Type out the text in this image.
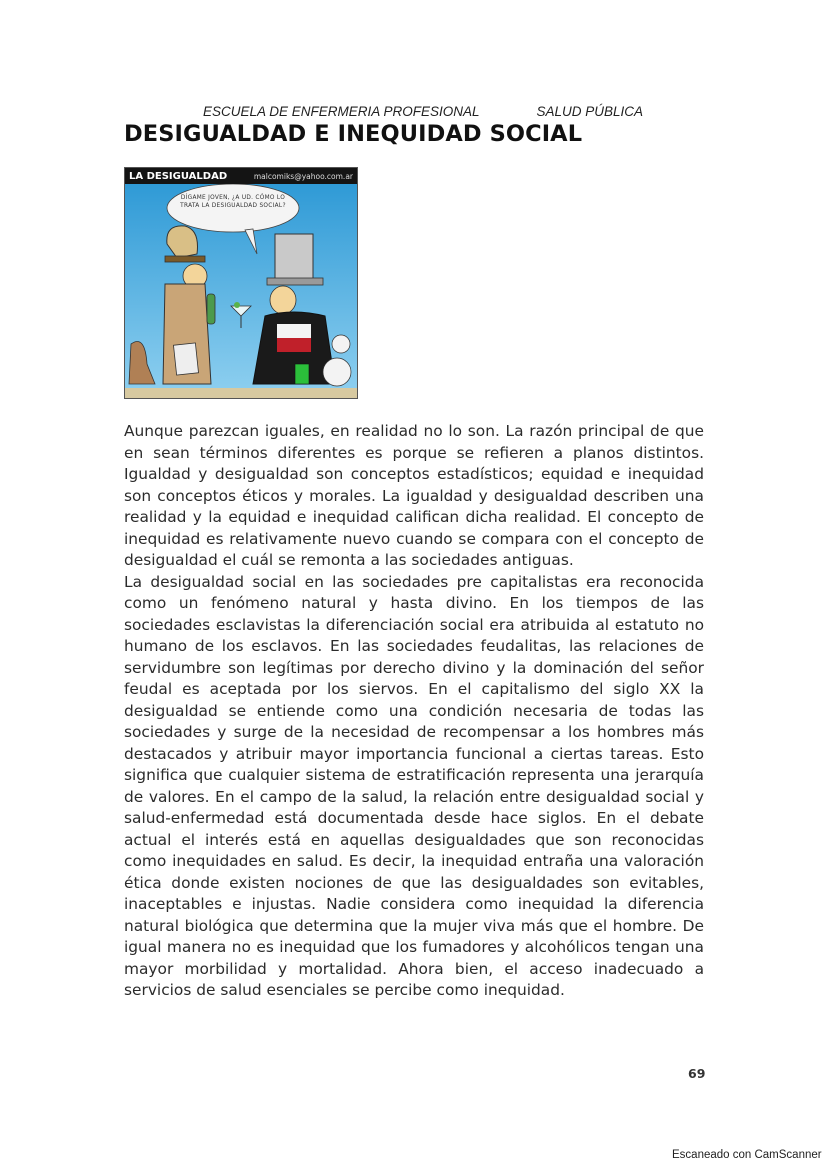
ESCUELA DE ENFERMERIA PROFESIONAL	SALUD PÚBLICA
DESIGUALDAD E INEQUIDAD SOCIAL
LA DESIGUALDAD	malcomiks@yahoo.com.ar
DÍGAME JOVEN, ¿A UD. CÓMO LO TRATA LA DESIGUALDAD SOCIAL?

Aunque parezcan iguales, en realidad no lo son. La razón principal de que en sean términos diferentes es porque se refieren a planos distintos. Igualdad y desigualdad son conceptos estadísticos; equidad e inequidad son conceptos éticos y morales. La igualdad y desigualdad describen una realidad y la equidad e inequidad califican dicha realidad. El concepto de inequidad es relativamente nuevo cuando se compara con el concepto de desigualdad el cuál se remonta a las sociedades antiguas.

La desigualdad social en las sociedades pre capitalistas era reconocida como un fenómeno natural y hasta divino. En los tiempos de las sociedades esclavistas la diferenciación social era atribuida al estatuto no humano de los esclavos. En las sociedades feudalitas, las relaciones de servidumbre son legítimas por derecho divino y la dominación del señor feudal es aceptada por los siervos. En el capitalismo del siglo XX la desigualdad se entiende como una condición necesaria de todas las sociedades y surge de la necesidad de recompensar a los hombres más destacados y atribuir mayor importancia funcional a ciertas tareas. Esto significa que cualquier sistema de estratificación representa una jerarquía de valores. En el campo de la salud, la relación entre desigualdad social y salud-enfermedad está documentada desde hace siglos. En el debate actual el interés está en aquellas desigualdades que son reconocidas como inequidades en salud. Es decir, la inequidad entraña una valoración ética donde existen nociones de que las desigualdades son evitables, inaceptables e injustas. Nadie considera como inequidad la diferencia natural biológica que determina que la mujer viva más que el hombre. De igual manera no es inequidad que los fumadores y alcohólicos tengan una mayor morbilidad y mortalidad. Ahora bien, el acceso inadecuado a servicios de salud esenciales se percibe como inequidad.

69
Escaneado con CamScanner
